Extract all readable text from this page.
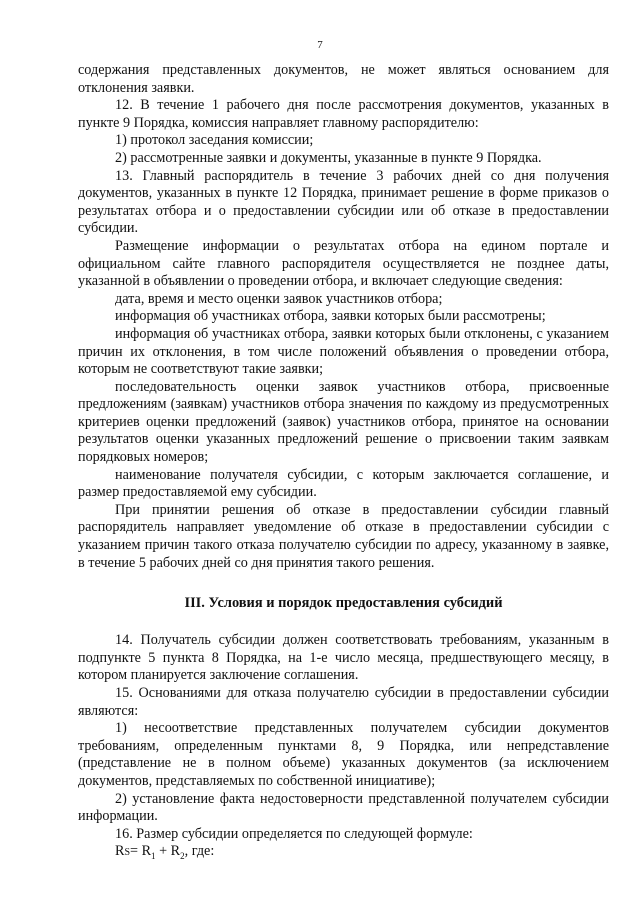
7

содержания представленных документов, не может являться основанием для отклонения заявки.

12. В течение 1 рабочего дня после рассмотрения документов, указанных в пункте 9 Порядка, комиссия направляет главному распорядителю:

1) протокол заседания комиссии;

2) рассмотренные заявки и документы, указанные в пункте 9 Порядка.

13. Главный распорядитель в течение 3 рабочих дней со дня получения документов, указанных в пункте 12 Порядка, принимает решение в форме приказов о результатах отбора и о предоставлении субсидии или об отказе в предоставлении субсидии.

Размещение информации о результатах отбора на едином портале и официальном сайте главного распорядителя осуществляется не позднее даты, указанной в объявлении о проведении отбора, и включает следующие сведения:

дата, время и место оценки заявок участников отбора;

информация об участниках отбора, заявки которых были рассмотрены;

информация об участниках отбора, заявки которых были отклонены, с указанием причин их отклонения, в том числе положений объявления о проведении отбора, которым не соответствуют такие заявки;

последовательность оценки заявок участников отбора, присвоенные предложениям (заявкам) участников отбора значения по каждому из предусмотренных критериев оценки предложений (заявок) участников отбора, принятое на основании результатов оценки указанных предложений решение о присвоении таким заявкам порядковых номеров;

наименование получателя субсидии, с которым заключается соглашение, и размер предоставляемой ему субсидии.

При принятии решения об отказе в предоставлении субсидии главный распорядитель направляет уведомление об отказе в предоставлении субсидии с указанием причин такого отказа получателю субсидии по адресу, указанному в заявке, в течение 5 рабочих дней со дня принятия такого решения.

III. Условия и порядок предоставления субсидий

14. Получатель субсидии должен соответствовать требованиям, указанным в подпункте 5 пункта 8 Порядка, на 1-е число месяца, предшествующего месяцу, в котором планируется заключение соглашения.

15. Основаниями для отказа получателю субсидии в предоставлении субсидии являются:

1) несоответствие представленных получателем субсидии документов требованиям, определенным пунктами 8, 9 Порядка, или непредставление (представление не в полном объеме) указанных документов (за исключением документов, представляемых по собственной инициативе);

2) установление факта недостоверности представленной получателем субсидии информации.

16. Размер субсидии определяется по следующей формуле:

$RS= R_1 + R_2$, где:
